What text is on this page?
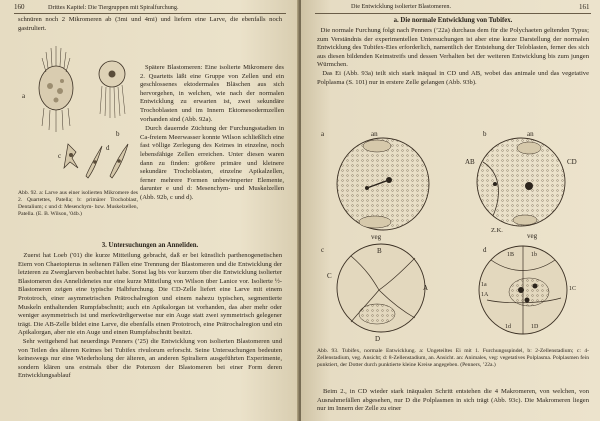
160	Drittes Kapitel: Die Tiergruppen mit Spiralfurchung.
schnüren noch 2 Mikromeren ab (3mi und 4mi) und liefern eine Larve, die ebenfalls noch gastruliert.
a
b
c
d

Spätere Blastomeren: Eine isolierte Mikromere des 2. Quartetts läßt eine Gruppe von Zellen und ein geschlossenes ektodermales Bläschen aus sich hervorgehen, in welchen, wie nach der normalen Entwicklung zu erwarten ist, zwei sekundäre Trochoblasten und im Innern Ektomesodermzellen vorhanden sind (Abb. 92a).

Durch dauernde Züchtung der Furchungsstadien in Ca-freiem Meerwasser konnte Wilson schließlich eine fast völlige Zerlegung des Keimes in einzelne, noch lebensfähige Zellen erreichen. Unter diesen waren dann zu finden: größere primäre und kleinere sekundäre Trochoblasten, einzelne Apikalzellen, ferner mehrere Formen unbewimperter Elemente, darunter e und d: Mesenchym- und Muskelzellen (Abb. 92b, c und d).

Abb. 92. a: Larve aus einer isolierten Mikromere des 2. Quartettes, Patella; b: primärer Trochoblast, Dentalium; c und d: Mesenchym- bzw. Muskelzellen, Patella. (E. B. Wilson, '04b.)
3. Untersuchungen an Anneliden.

Zuerst hat Loeb ('01) die kurze Mitteilung gebracht, daß er bei künstlich parthenogenetischen Eiern von Chaetopterus in seltenen Fällen eine Trennung der Blastomeren und die Entwicklung der letzteren zu Zwerglarven beobachtet habe. Sonst lag bis vor kurzem über die Entwicklung isolierter Blastomeren des Annelideneies nur eine kurze Mitteilung von Wilson über Lanice vor. Isolierte ½-Blastomeren zeigen eine typische Halbfurchung. Die CD-Zelle liefert eine Larve mit einem Prototroch, einer asymmetrischen Prätrochalregion und einem nahezu typischen, segmentierte Muskeln enthaltenden Rumpfabschnitt; auch ein Apikalorgan ist vorhanden, das aber mehr oder weniger asymmetrisch ist und merkwürdigerweise nur ein Auge statt zwei symmetrisch gelegener trägt. Die AB-Zelle bildet eine Larve, die ebenfalls einen Prototroch, eine Prätrochalregion und ein Apikalorgan, aber nie ein Auge und einen Rumpfabschnitt besitzt.

Sehr weitgehend hat neuerdings Penners (’25) die Entwicklung von isolierten Blastomeren und von Teilen des älteren Keimes bei Tubifex rivulorum erforscht. Seine Untersuchungen bedeuten keineswegs nur eine Wiederholung der älteren, an anderen Spiraliern ausgeführten Experimente, sondern klären uns erstmals über die Potenzen der Blastomeren bei einer Form deren Entwicklungsablauf

Die Entwicklung isolierter Blastomeren.	161
a. Die normale Entwicklung von Tubifex.

Die normale Furchung folgt nach Penners (’22a) durchaus dem für die Polychaeten geltenden Typus; zum Verständnis der experimentellen Untersuchungen ist aber eine kurze Darstellung der normalen Entwicklung des Tubifex-Eies erforderlich, namentlich der Entstehung der Teloblasten, ferner des sich aus diesen bildenden Keimstreifs und dessen Verhalten bei der weiteren Entwicklung bis zum jungen Würmchen.

Das Ei (Abb. 93a) teilt sich stark inäqual in CD und AB, wobei das animale und das vegetative Polplasma (S. 101) nur in erstere Zelle gelangen (Abb. 93b).

a	an
veg
b	an
AB	CD
Z.K.
veg
c
C
A
B
D
d
1B	1b
1a
1A
1C
1d	1D
Abb. 93. Tubifex, normale Entwicklung. a: Ungeteiltes Ei mit 1. Furchungsspindel, b: 2-Zellenstadium; c: 4-Zellenstadium, veg. Ansicht; d: 8-Zellenstadium, an. Ansicht. an: Animales, veg: vegetatives Polplasma. Polplasmen fein punktiert, der Dotter durch punktierte kleine Kreise angegeben. (Penners, ’22a.)

Beim 2., in CD wieder stark inäqualen Schritt entstehen die 4 Makromeren, von welchen, von Ausnahmefällen abgesehen, nur D die Polplasmen in sich trägt (Abb. 93c). Die Makromeren liegen nur im Innern der Zelle zu einer
